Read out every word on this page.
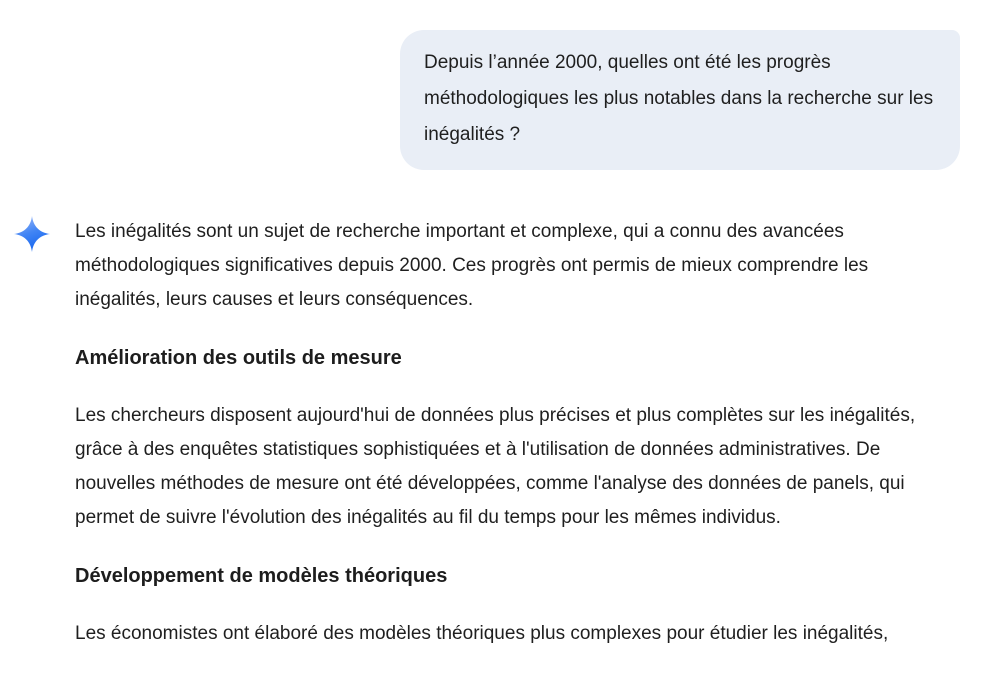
Depuis l’année 2000, quelles ont été les progrès méthodologiques les plus notables dans la recherche sur les inégalités ?

Les inégalités sont un sujet de recherche important et complexe, qui a connu des avancées méthodologiques significatives depuis 2000. Ces progrès ont permis de mieux comprendre les inégalités, leurs causes et leurs conséquences.

Amélioration des outils de mesure

Les chercheurs disposent aujourd'hui de données plus précises et plus complètes sur les inégalités, grâce à des enquêtes statistiques sophistiquées et à l'utilisation de données administratives. De nouvelles méthodes de mesure ont été développées, comme l'analyse des données de panels, qui permet de suivre l'évolution des inégalités au fil du temps pour les mêmes individus.

Développement de modèles théoriques

Les économistes ont élaboré des modèles théoriques plus complexes pour étudier les inégalités,
